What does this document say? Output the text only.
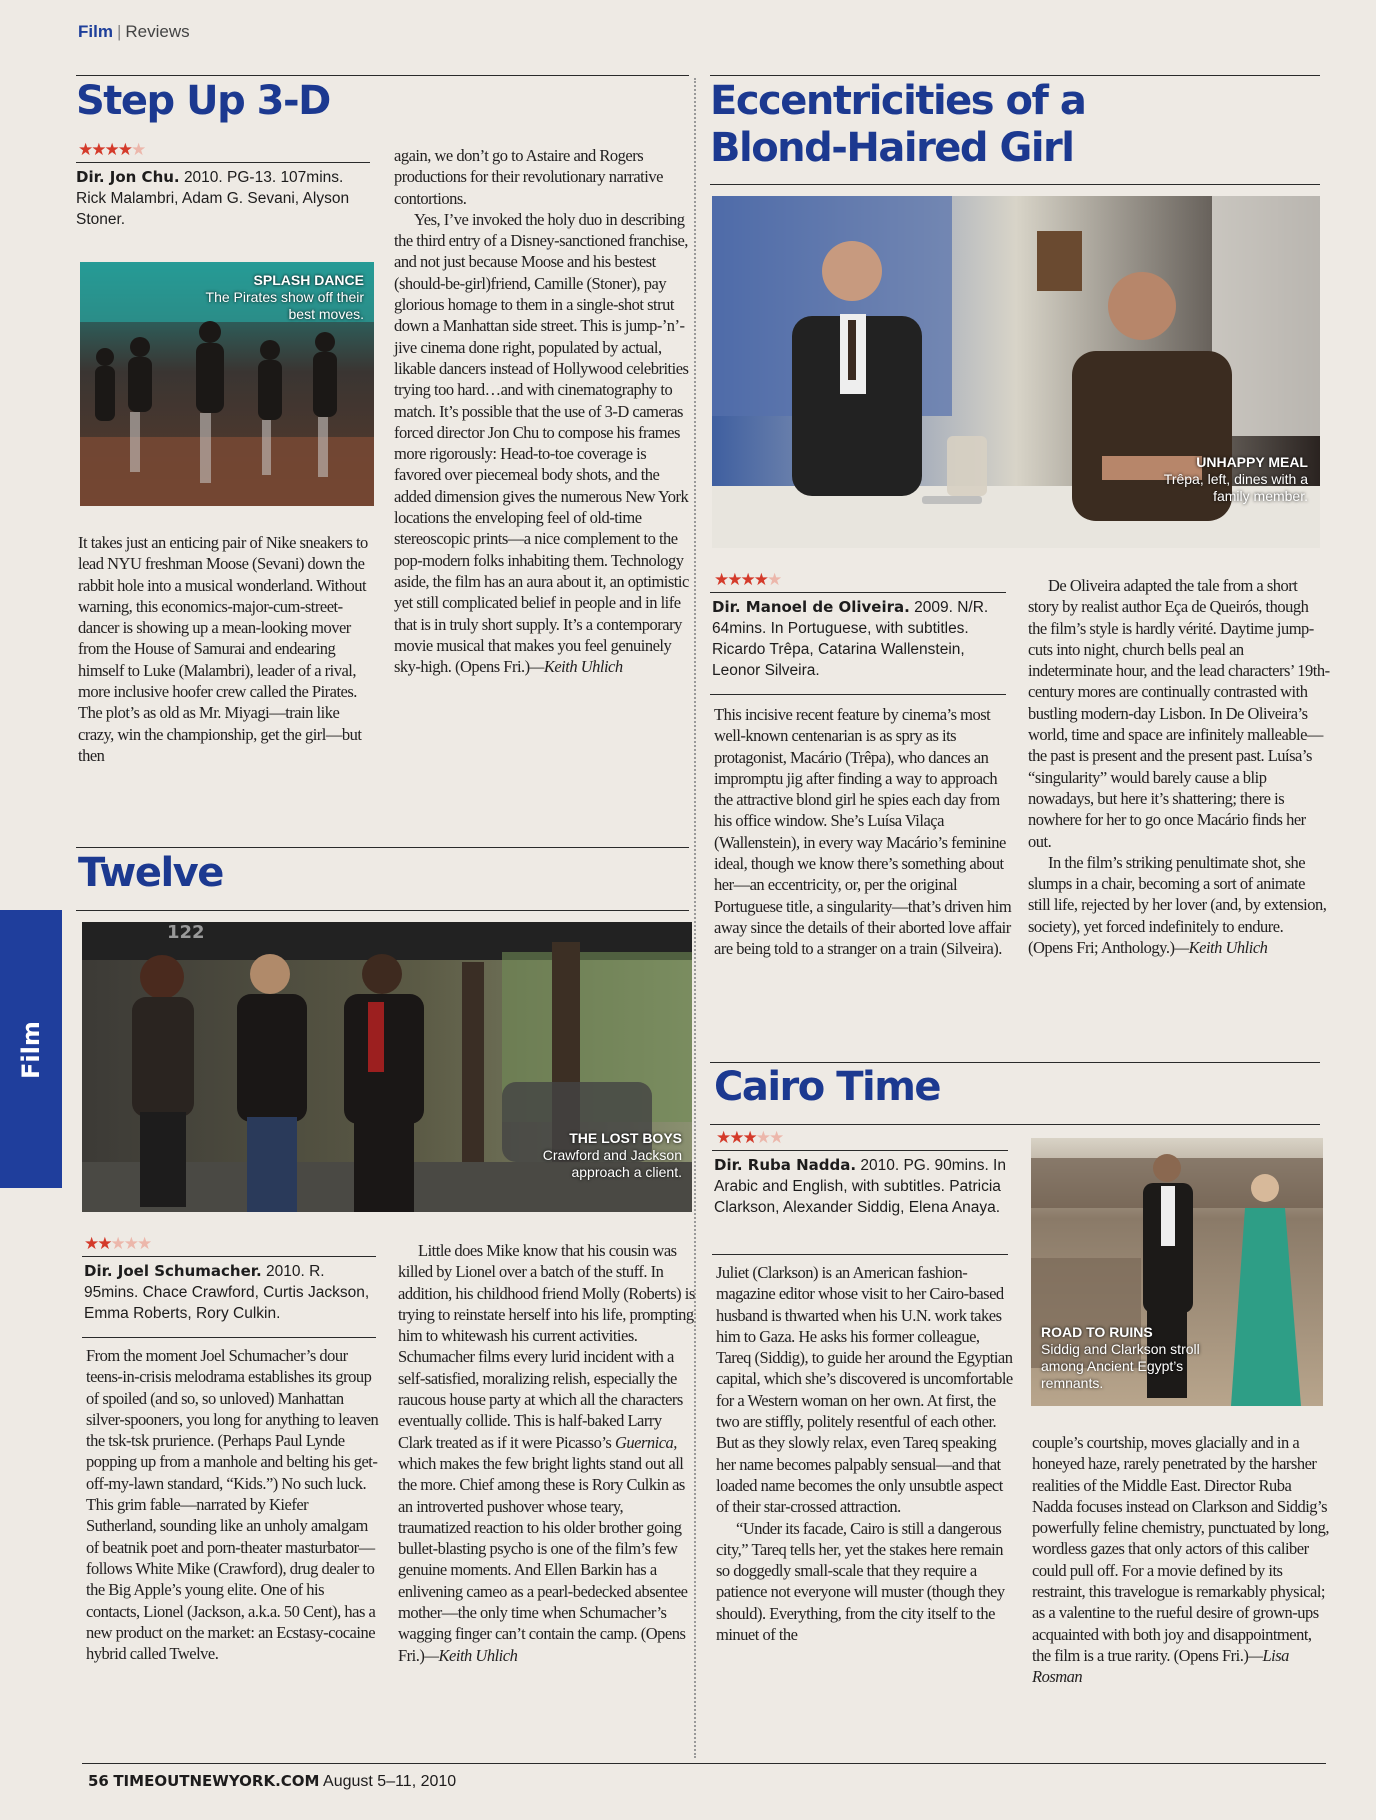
Film | Reviews
Film
Step Up 3-D
★★★★★
Dir. Jon Chu. 2010. PG-13. 107mins. Rick Malambri, Adam G. Sevani, Alyson Stoner.
SPLASH DANCE
The Pirates show off their best moves.

It takes just an enticing pair of Nike sneakers to lead NYU freshman Moose (Sevani) down the rabbit hole into a musical wonderland. Without warning, this economics-major-cum-street-dancer is showing up a mean-looking mover from the House of Samurai and endearing himself to Luke (Malambri), leader of a rival, more inclusive hoofer crew called the Pirates. The plot’s as old as Mr. Miyagi—train like crazy, win the championship, get the girl—but then

again, we don’t go to Astaire and Rogers productions for their revolutionary narrative contortions.

Yes, I’ve invoked the holy duo in describing the third entry of a Disney-sanctioned franchise, and not just because Moose and his bestest (should-be-girl)friend, Camille (Stoner), pay glorious homage to them in a single-shot strut down a Manhattan side street. This is jump-’n’-jive cinema done right, populated by actual, likable dancers instead of Hollywood celebrities trying too hard…and with cinematography to match. It’s possible that the use of 3-D cameras forced director Jon Chu to compose his frames more rigorously: Head-to-toe coverage is favored over piecemeal body shots, and the added dimension gives the numerous New York locations the enveloping feel of old-time stereoscopic prints—a nice complement to the pop-modern folks inhabiting them. Technology aside, the film has an aura about it, an optimistic yet still complicated belief in people and in life that is in truly short supply. It’s a contemporary movie musical that makes you feel genuinely sky-high. (Opens Fri.)—Keith Uhlich

Twelve
122
THE LOST BOYS
Crawford and Jackson approach a client.
★★★★★
Dir. Joel Schumacher. 2010. R. 95mins. Chace Crawford, Curtis Jackson, Emma Roberts, Rory Culkin.

From the moment Joel Schumacher’s dour teens-in-crisis melodrama establishes its group of spoiled (and so, so unloved) Manhattan silver-spooners, you long for anything to leaven the tsk-tsk prurience. (Perhaps Paul Lynde popping up from a manhole and belting his get-off-my-lawn standard, “Kids.”) No such luck. This grim fable—narrated by Kiefer Sutherland, sounding like an unholy amalgam of beatnik poet and porn-theater masturbator—follows White Mike (Crawford), drug dealer to the Big Apple’s young elite. One of his contacts, Lionel (Jackson, a.k.a. 50 Cent), has a new product on the market: an Ecstasy-cocaine hybrid called Twelve.

Little does Mike know that his cousin was killed by Lionel over a batch of the stuff. In addition, his childhood friend Molly (Roberts) is trying to reinstate herself into his life, prompting him to whitewash his current activities. Schumacher films every lurid incident with a self-satisfied, moralizing relish, especially the raucous house party at which all the characters eventually collide. This is half-baked Larry Clark treated as if it were Picasso’s Guernica, which makes the few bright lights stand out all the more. Chief among these is Rory Culkin as an introverted pushover whose teary, traumatized reaction to his older brother going bullet-blasting psycho is one of the film’s few genuine moments. And Ellen Barkin has a enlivening cameo as a pearl-bedecked absentee mother—the only time when Schumacher’s wagging finger can’t contain the camp. (Opens Fri.)—Keith Uhlich

Eccentricities of a
Blond-Haired Girl
UNHAPPY MEAL
Trêpa, left, dines with a family member.
★★★★★
Dir. Manoel de Oliveira. 2009. N/R. 64mins. In Portuguese, with subtitles. Ricardo Trêpa, Catarina Wallenstein, Leonor Silveira.

This incisive recent feature by cinema’s most well-known centenarian is as spry as its protagonist, Macário (Trêpa), who dances an impromptu jig after finding a way to approach the attractive blond girl he spies each day from his office window. She’s Luísa Vilaça (Wallenstein), in every way Macário’s feminine ideal, though we know there’s something about her—an eccentricity, or, per the original Portuguese title, a singularity—that’s driven him away since the details of their aborted love affair are being told to a stranger on a train (Silveira).

De Oliveira adapted the tale from a short story by realist author Eça de Queirós, though the film’s style is hardly vérité. Daytime jump-cuts into night, church bells peal an indeterminate hour, and the lead characters’ 19th-century mores are continually contrasted with bustling modern-day Lisbon. In De Oliveira’s world, time and space are infinitely malleable—the past is present and the present past. Luísa’s “singularity” would barely cause a blip nowadays, but here it’s shattering; there is nowhere for her to go once Macário finds her out.

In the film’s striking penultimate shot, she slumps in a chair, becoming a sort of animate still life, rejected by her lover (and, by extension, society), yet forced indefinitely to endure. (Opens Fri; Anthology.)—Keith Uhlich

Cairo Time
★★★★★
Dir. Ruba Nadda. 2010. PG. 90mins. In Arabic and English, with subtitles. Patricia Clarkson, Alexander Siddig, Elena Anaya.
ROAD TO RUINS
Siddig and Clarkson stroll among Ancient Egypt’s remnants.

Juliet (Clarkson) is an American fashion-magazine editor whose visit to her Cairo-based husband is thwarted when his U.N. work takes him to Gaza. He asks his former colleague, Tareq (Siddig), to guide her around the Egyptian capital, which she’s discovered is uncomfortable for a Western woman on her own. At first, the two are stiffly, politely resentful of each other. But as they slowly relax, even Tareq speaking her name becomes palpably sensual—and that loaded name becomes the only unsubtle aspect of their star-crossed attraction.

“Under its facade, Cairo is still a dangerous city,” Tareq tells her, yet the stakes here remain so doggedly small-scale that they require a patience not everyone will muster (though they should). Everything, from the city itself to the minuet of the

couple’s courtship, moves glacially and in a honeyed haze, rarely penetrated by the harsher realities of the Middle East. Director Ruba Nadda focuses instead on Clarkson and Siddig’s powerfully feline chemistry, punctuated by long, wordless gazes that only actors of this caliber could pull off. For a movie defined by its restraint, this travelogue is remarkably physical; as a valentine to the rueful desire of grown-ups acquainted with both joy and disappointment, the film is a true rarity. (Opens Fri.)—Lisa Rosman

56 TIMEOUTNEWYORK.COM August 5–11, 2010
